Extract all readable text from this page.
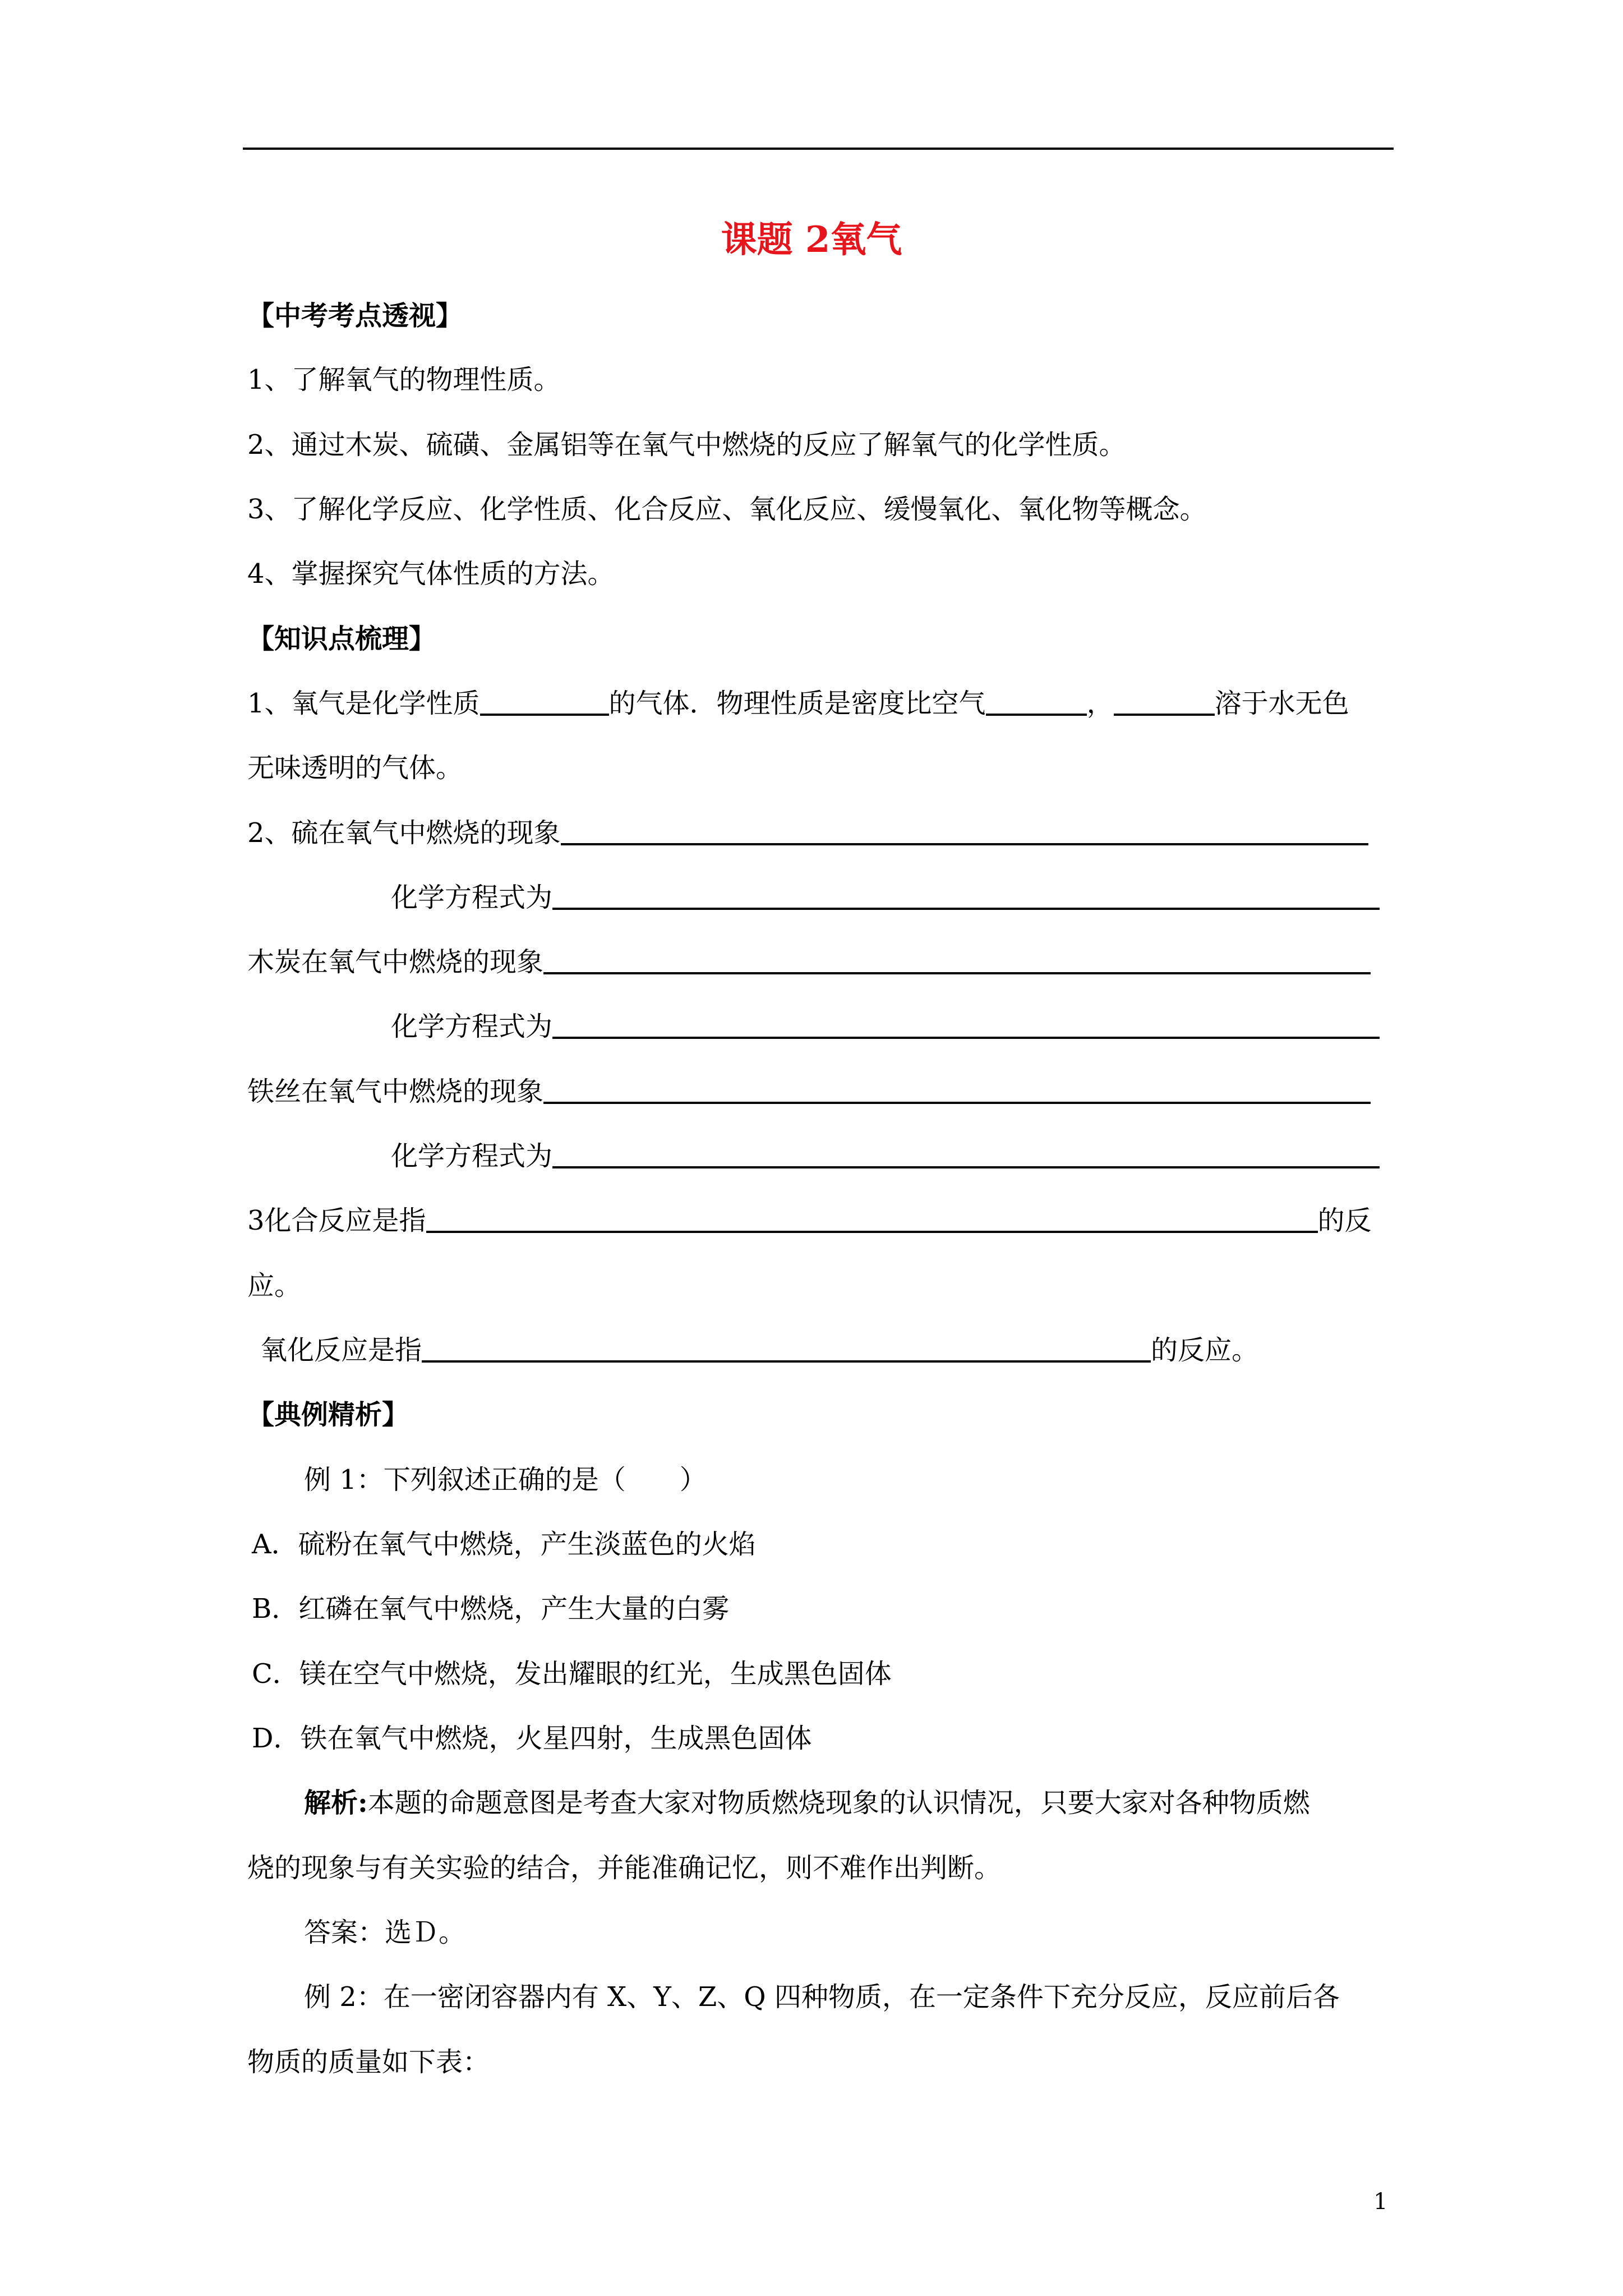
课题 2氧气
【中考考点透视】
1、了解氧气的物理性质。
2、通过木炭、硫磺、金属铝等在氧气中燃烧的反应了解氧气的化学性质。
3、了解化学反应、化学性质、化合反应、氧化反应、缓慢氧化、氧化物等概念。
4、掌握探究气体性质的方法。
【知识点梳理】
1、氧气是化学性质	的气体．物理性质是密度比空气	，	溶于水无色
无味透明的气体。
2、硫在氧气中燃烧的现象
化学方程式为
木炭在氧气中燃烧的现象
化学方程式为
铁丝在氧气中燃烧的现象
化学方程式为
3化合反应是指	的反
应。
氧化反应是指	的反应。
【典例精析】
例 1：下列叙述正确的是（　　）
A．硫粉在氧气中燃烧，产生淡蓝色的火焰
B．红磷在氧气中燃烧，产生大量的白雾
C．镁在空气中燃烧，发出耀眼的红光，生成黑色固体
D．铁在氧气中燃烧，火星四射，生成黑色固体
解析:本题的命题意图是考查大家对物质燃烧现象的认识情况，只要大家对各种物质燃
烧的现象与有关实验的结合，并能准确记忆，则不难作出判断。
答案：选Ｄ。
例 2：在一密闭容器内有 X、Y、Z、Q 四种物质，在一定条件下充分反应，反应前后各
物质的质量如下表：
1
